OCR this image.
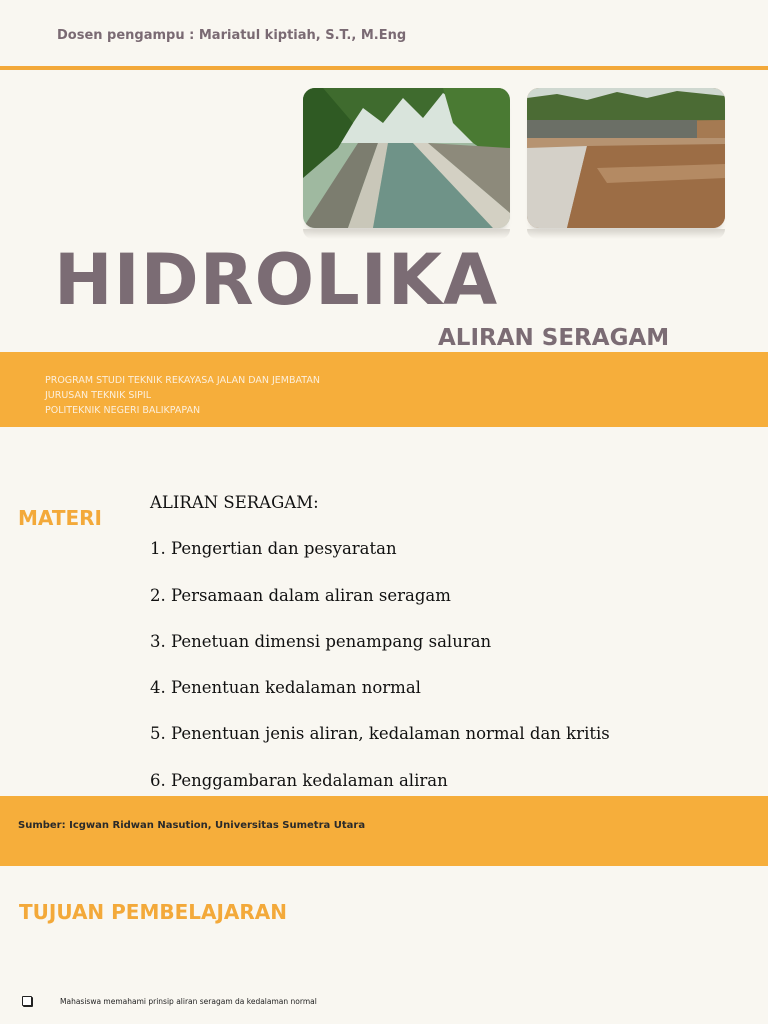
Dosen pengampu : Mariatul kiptiah, S.T., M.Eng
HIDROLIKA
ALIRAN SERAGAM
PROGRAM STUDI TEKNIK REKAYASA JALAN DAN JEMBATAN
JURUSAN TEKNIK SIPIL
POLITEKNIK NEGERI BALIKPAPAN
MATERI
ALIRAN SERAGAM:
1. Pengertian dan pesyaratan
2. Persamaan dalam aliran seragam
3. Penetuan dimensi penampang saluran
4. Penentuan kedalaman normal
5. Penentuan jenis aliran, kedalaman normal dan kritis
6. Penggambaran kedalaman aliran
Sumber: Icgwan Ridwan Nasution, Universitas Sumetra Utara
TUJUAN PEMBELAJARAN
Mahasiswa memahami prinsip aliran seragam da kedalaman normal
